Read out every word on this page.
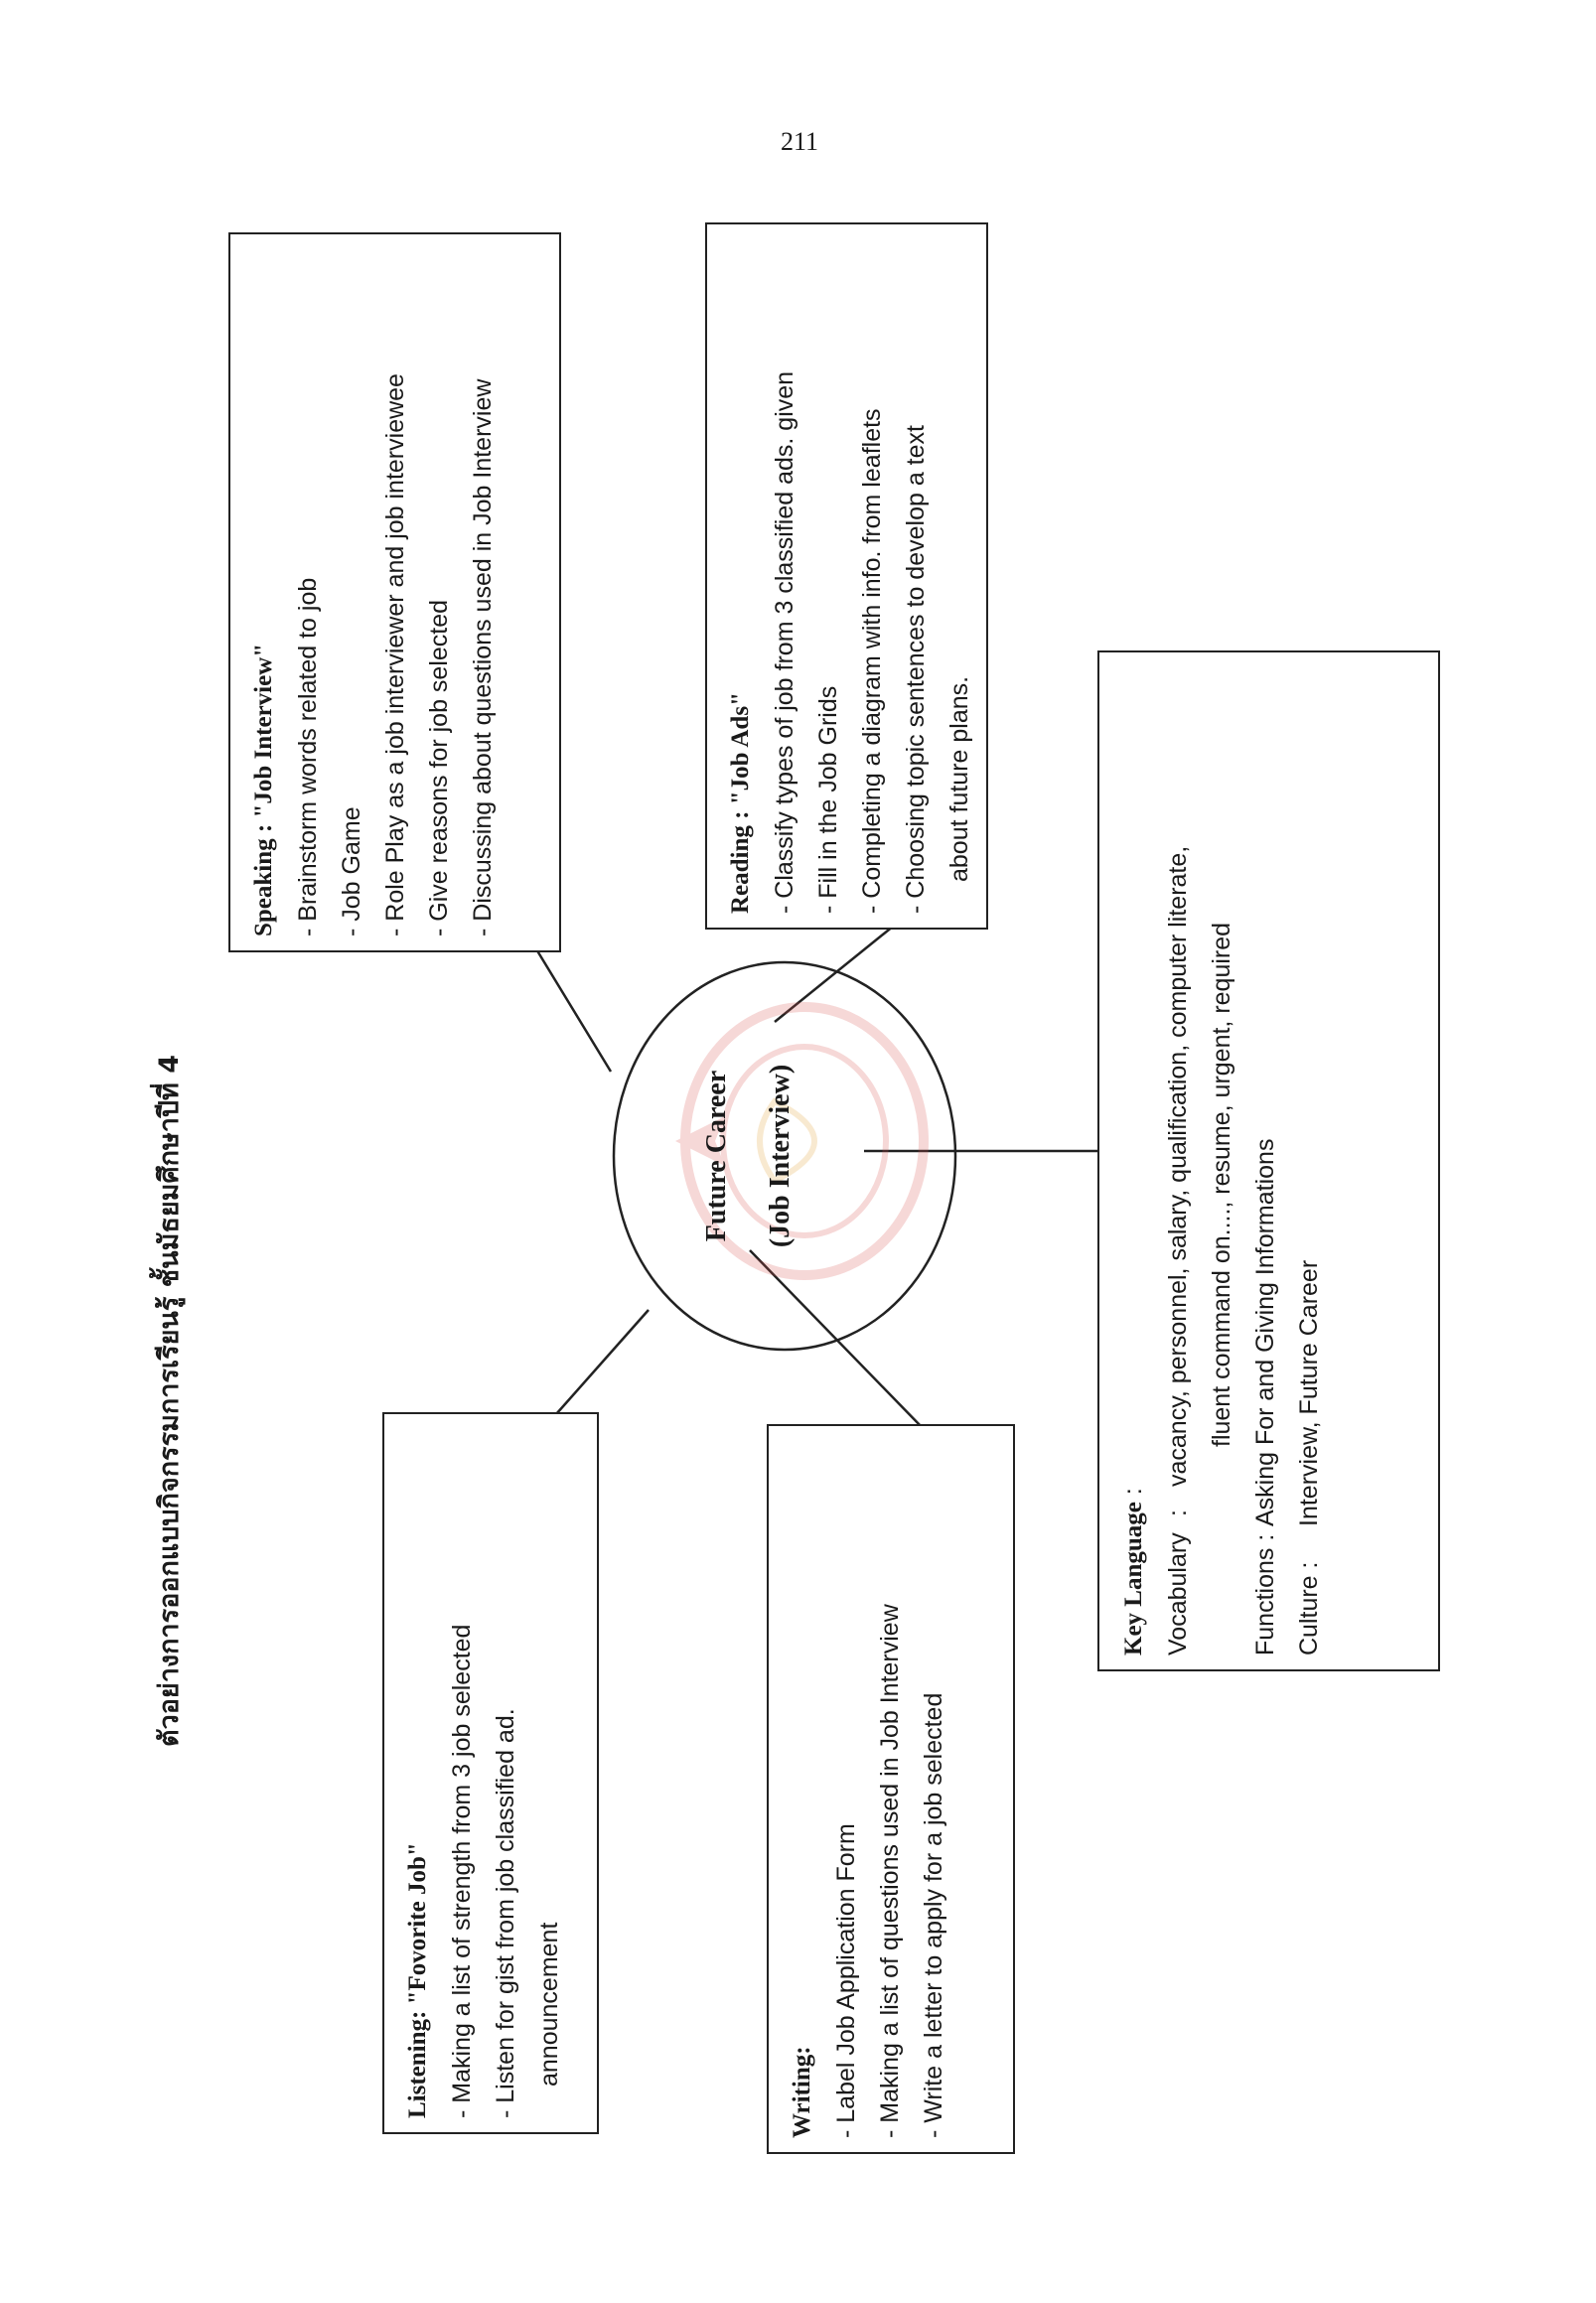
211
ตัวอย่างการออกแบบกิจกรรมการเรียนรู้ ชั้นมัธยมศึกษาปีที่ 4	Future Career	(Job Interview)
Speaking : "Job Interview" - Brainstorm words related to job - Job Game - Role Play as a job interviewer and job interviewee - Give reasons for job selected - Discussing about questions used in Job Interview	Reading : "Job Ads" - Classify types of job from 3 classified ads. given - Fill in the Job Grids - Completing a diagram with info. from leaflets - Choosing topic sentences to develop a text about future plans.
Listening: "Fovorite Job" - Making a list of strength from 3 job selected - Listen for gist from job classified ad. announcement
Writing: - Label Job Application Form - Making a list of questions used in Job Interview - Write a letter to apply for a job selected
Key Language :
Vocabulary
:
vacancy, personnel, salary, qualification, computer literate, fluent command on...., resume, urgent, required
Functions :
Asking For and Giving Informations
Culture :
Interview, Future Career
